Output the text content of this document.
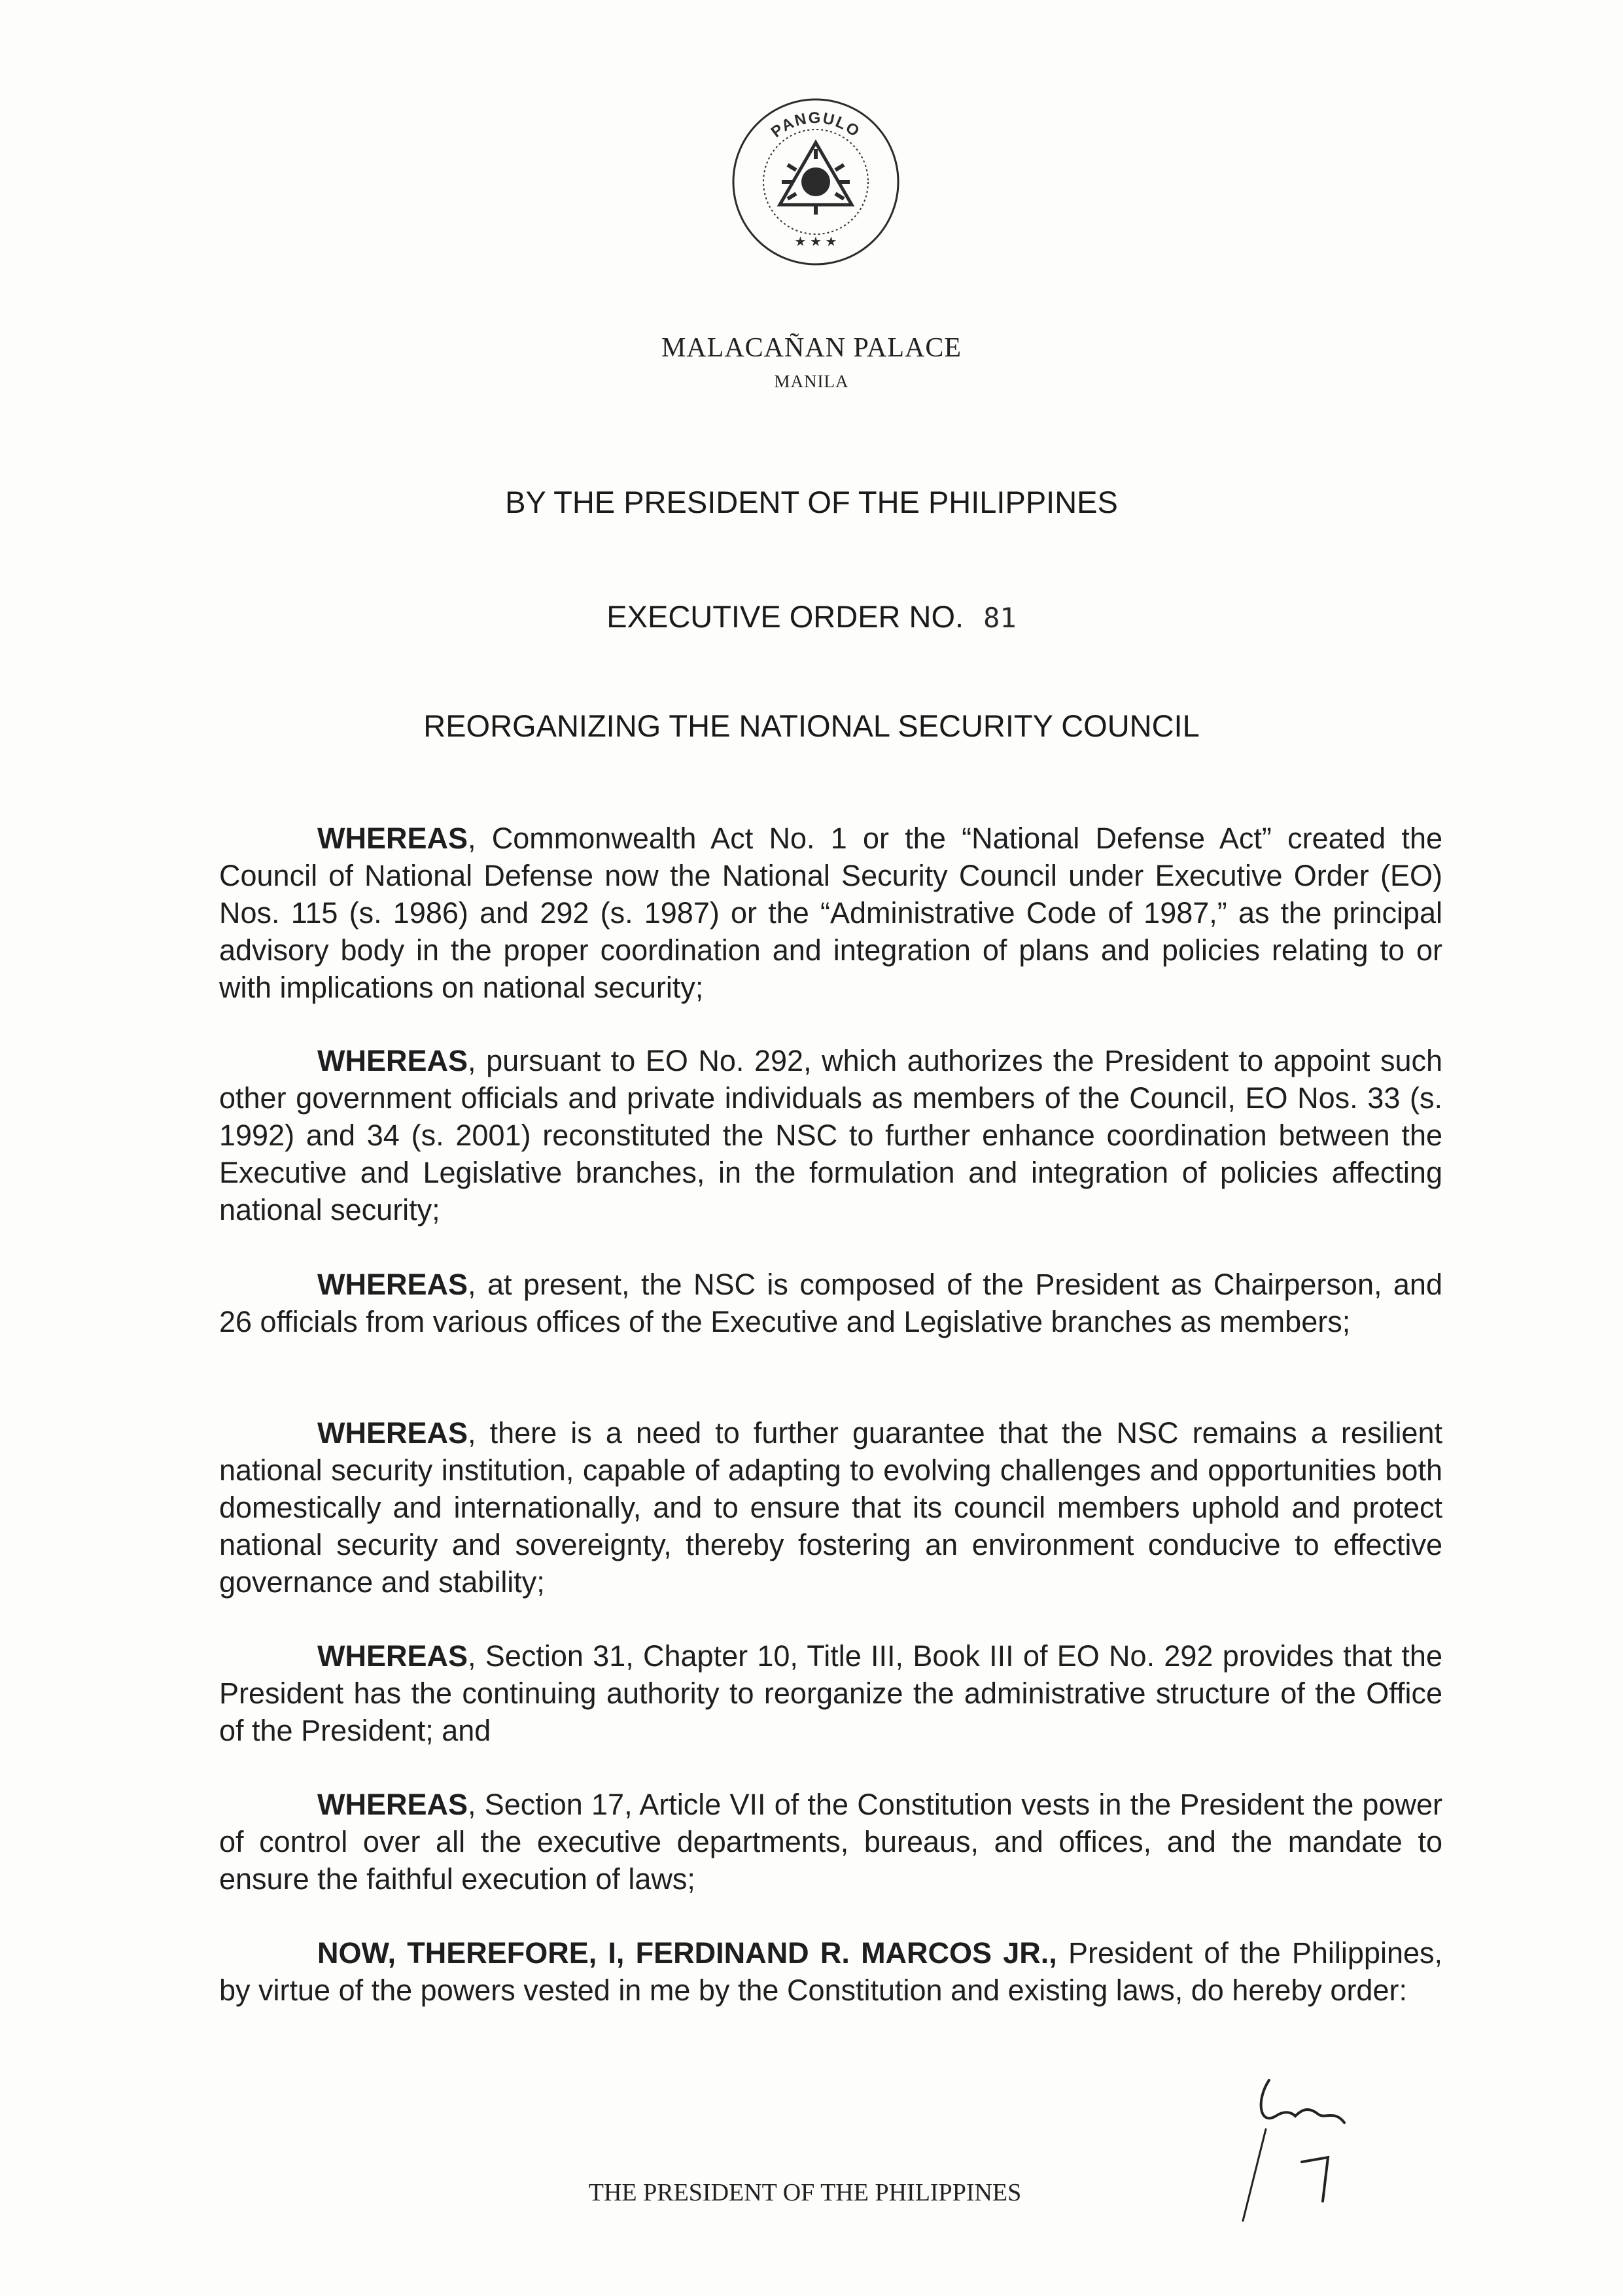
PANGULO
★ ★ ★
MALACAÑAN PALACE
MANILA
BY THE PRESIDENT OF THE PHILIPPINES
EXECUTIVE ORDER NO. 81
REORGANIZING THE NATIONAL SECURITY COUNCIL

WHEREAS, Commonwealth Act No. 1 or the “National Defense Act” created the Council of National Defense now the National Security Council under Executive Order (EO) Nos. 115 (s. 1986) and 292 (s. 1987) or the “Administrative Code of 1987,” as the principal advisory body in the proper coordination and integration of plans and policies relating to or with implications on national security;

WHEREAS, pursuant to EO No. 292, which authorizes the President to appoint such other government officials and private individuals as members of the Council, EO Nos. 33 (s. 1992) and 34 (s. 2001) reconstituted the NSC to further enhance coordination between the Executive and Legislative branches, in the formulation and integration of policies affecting national security;

WHEREAS, at present, the NSC is composed of the President as Chairperson, and 26 officials from various offices of the Executive and Legislative branches as members;

WHEREAS, there is a need to further guarantee that the NSC remains a resilient national security institution, capable of adapting to evolving challenges and opportunities both domestically and internationally, and to ensure that its council members uphold and protect national security and sovereignty, thereby fostering an environment conducive to effective governance and stability;

WHEREAS, Section 31, Chapter 10, Title III, Book III of EO No. 292 provides that the President has the continuing authority to reorganize the administrative structure of the Office of the President; and

WHEREAS, Section 17, Article VII of the Constitution vests in the President the power of control over all the executive departments, bureaus, and offices, and the mandate to ensure the faithful execution of laws;

NOW, THEREFORE, I, FERDINAND R. MARCOS JR., President of the Philippines, by virtue of the powers vested in me by the Constitution and existing laws, do hereby order:

THE PRESIDENT OF THE PHILIPPINES
